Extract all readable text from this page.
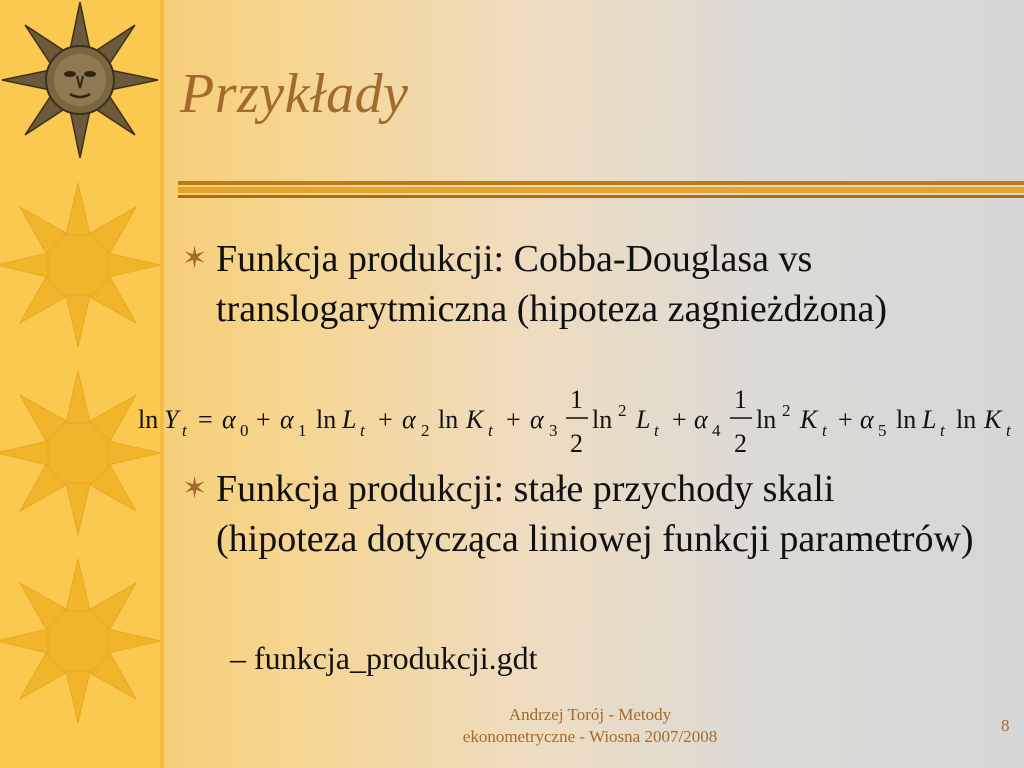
Przykłady
✶ Funkcja produkcji: Cobba-Douglasa vs translogarytmiczna (hipoteza zagnieżdżona)
ln Y t = α 0 + α 1 ln L t + α 2 ln K t + α 3
1
2
ln 2 L t + α 4
1
2
ln 2 K t + α 5 ln L t ln K t
✶ Funkcja produkcji: stałe przychody skali (hipoteza dotycząca liniowej funkcji parametrów)
– funkcja_produkcji.gdt
Andrzej Torój - Metody
ekonometryczne - Wiosna 2007/2008
8
